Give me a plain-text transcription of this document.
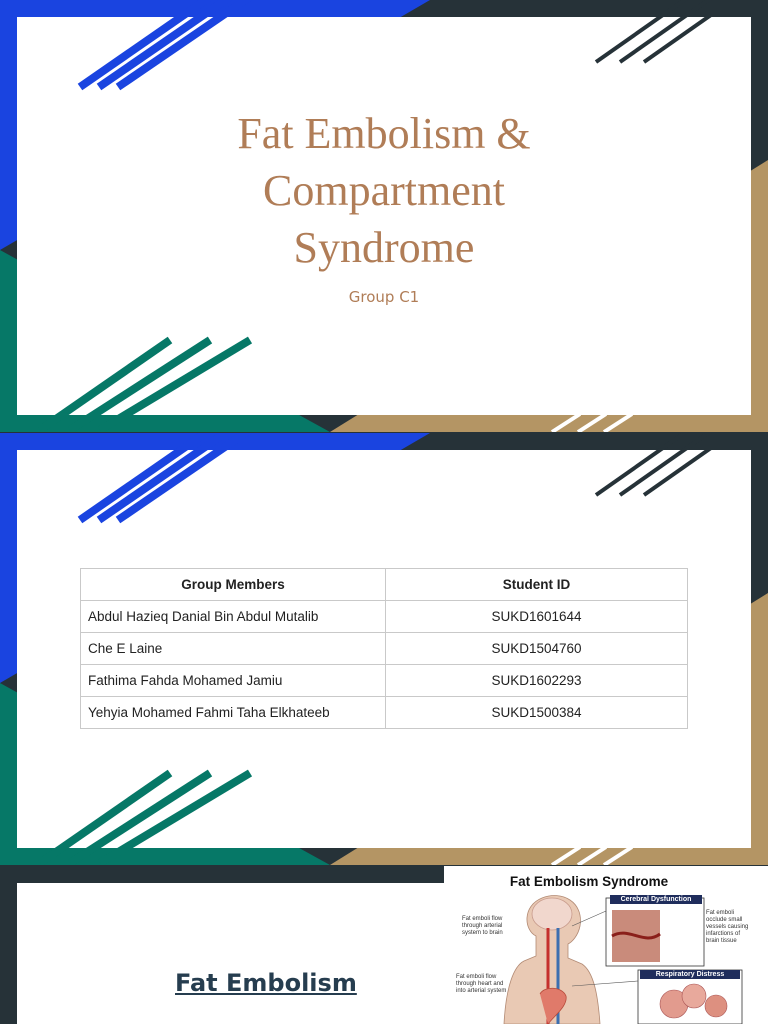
Fat Embolism &
Compartment
Syndrome
Group C1
Group Members	Student ID
Abdul Hazieq Danial Bin Abdul Mutalib	SUKD1601644
Che E Laine	SUKD1504760
Fathima Fahda Mohamed Jamiu	SUKD1602293
Yehyia Mohamed Fahmi Taha Elkhateeb	SUKD1500384
Fat Embolism
Fat Embolism Syndrome
Cerebral Dysfunction
Respiratory Distress
Fat emboli flow
through arterial
system to brain
Fat emboli flow
through heart and
into arterial system
Fat emboli
occlude small
vessels causing
infarctions of
brain tissue
